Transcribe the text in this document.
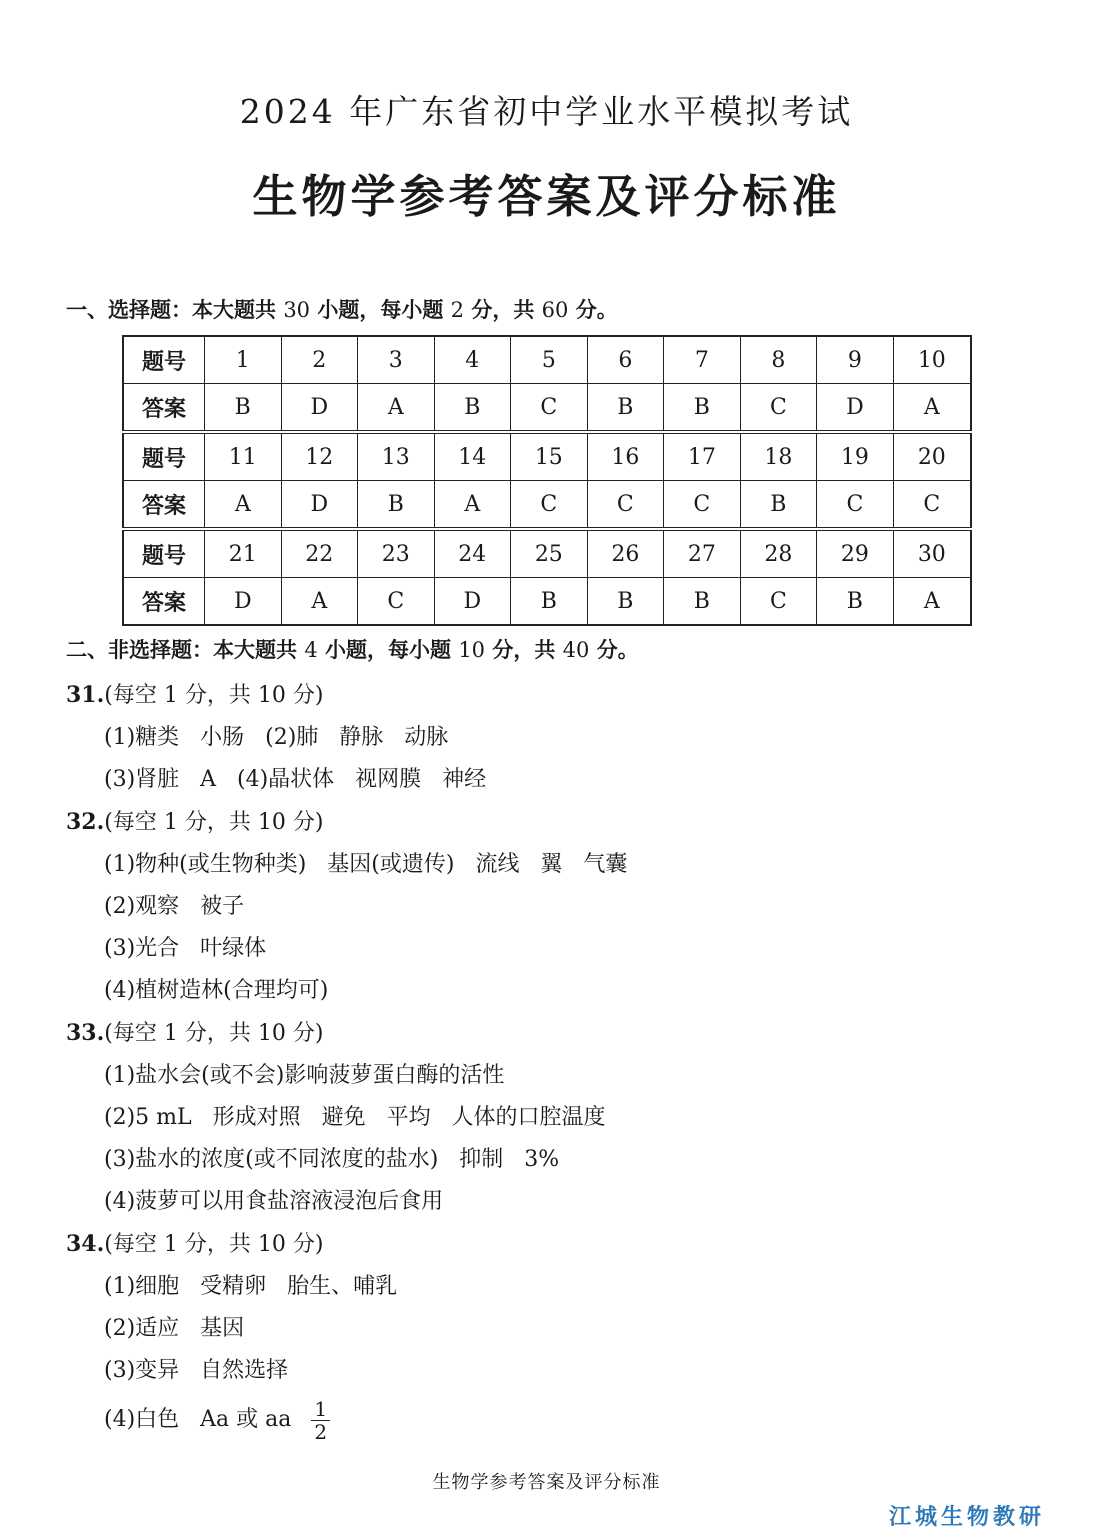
2024 年广东省初中学业水平模拟考试
生物学参考答案及评分标准
一、选择题：本大题共 30 小题，每小题 2 分，共 60 分。
题号	1	2	3	4	5	6	7	8	9	10
答案	B	D	A	B	C	B	B	C	D	A
题号	11	12	13	14	15	16	17	18	19	20
答案	A	D	B	A	C	C	C	B	C	C
题号	21	22	23	24	25	26	27	28	29	30
答案	D	A	C	D	B	B	B	C	B	A
二、非选择题：本大题共 4 小题，每小题 10 分，共 40 分。
31.(每空 1 分，共 10 分)
(1)糖类   小肠   (2)肺   静脉   动脉
(3)肾脏   A   (4)晶状体   视网膜   神经
32.(每空 1 分，共 10 分)
(1)物种(或生物种类)   基因(或遗传)   流线   翼   气囊
(2)观察   被子
(3)光合   叶绿体
(4)植树造林(合理均可)
33.(每空 1 分，共 10 分)
(1)盐水会(或不会)影响菠萝蛋白酶的活性
(2)5 mL   形成对照   避免   平均   人体的口腔温度
(3)盐水的浓度(或不同浓度的盐水)   抑制   3%
(4)菠萝可以用食盐溶液浸泡后食用
34.(每空 1 分，共 10 分)
(1)细胞   受精卵   胎生、哺乳
(2)适应   基因
(3)变异   自然选择
(4)白色   Aa 或 aa $\frac{1}{2}$
生物学参考答案及评分标准
江城生物教研
